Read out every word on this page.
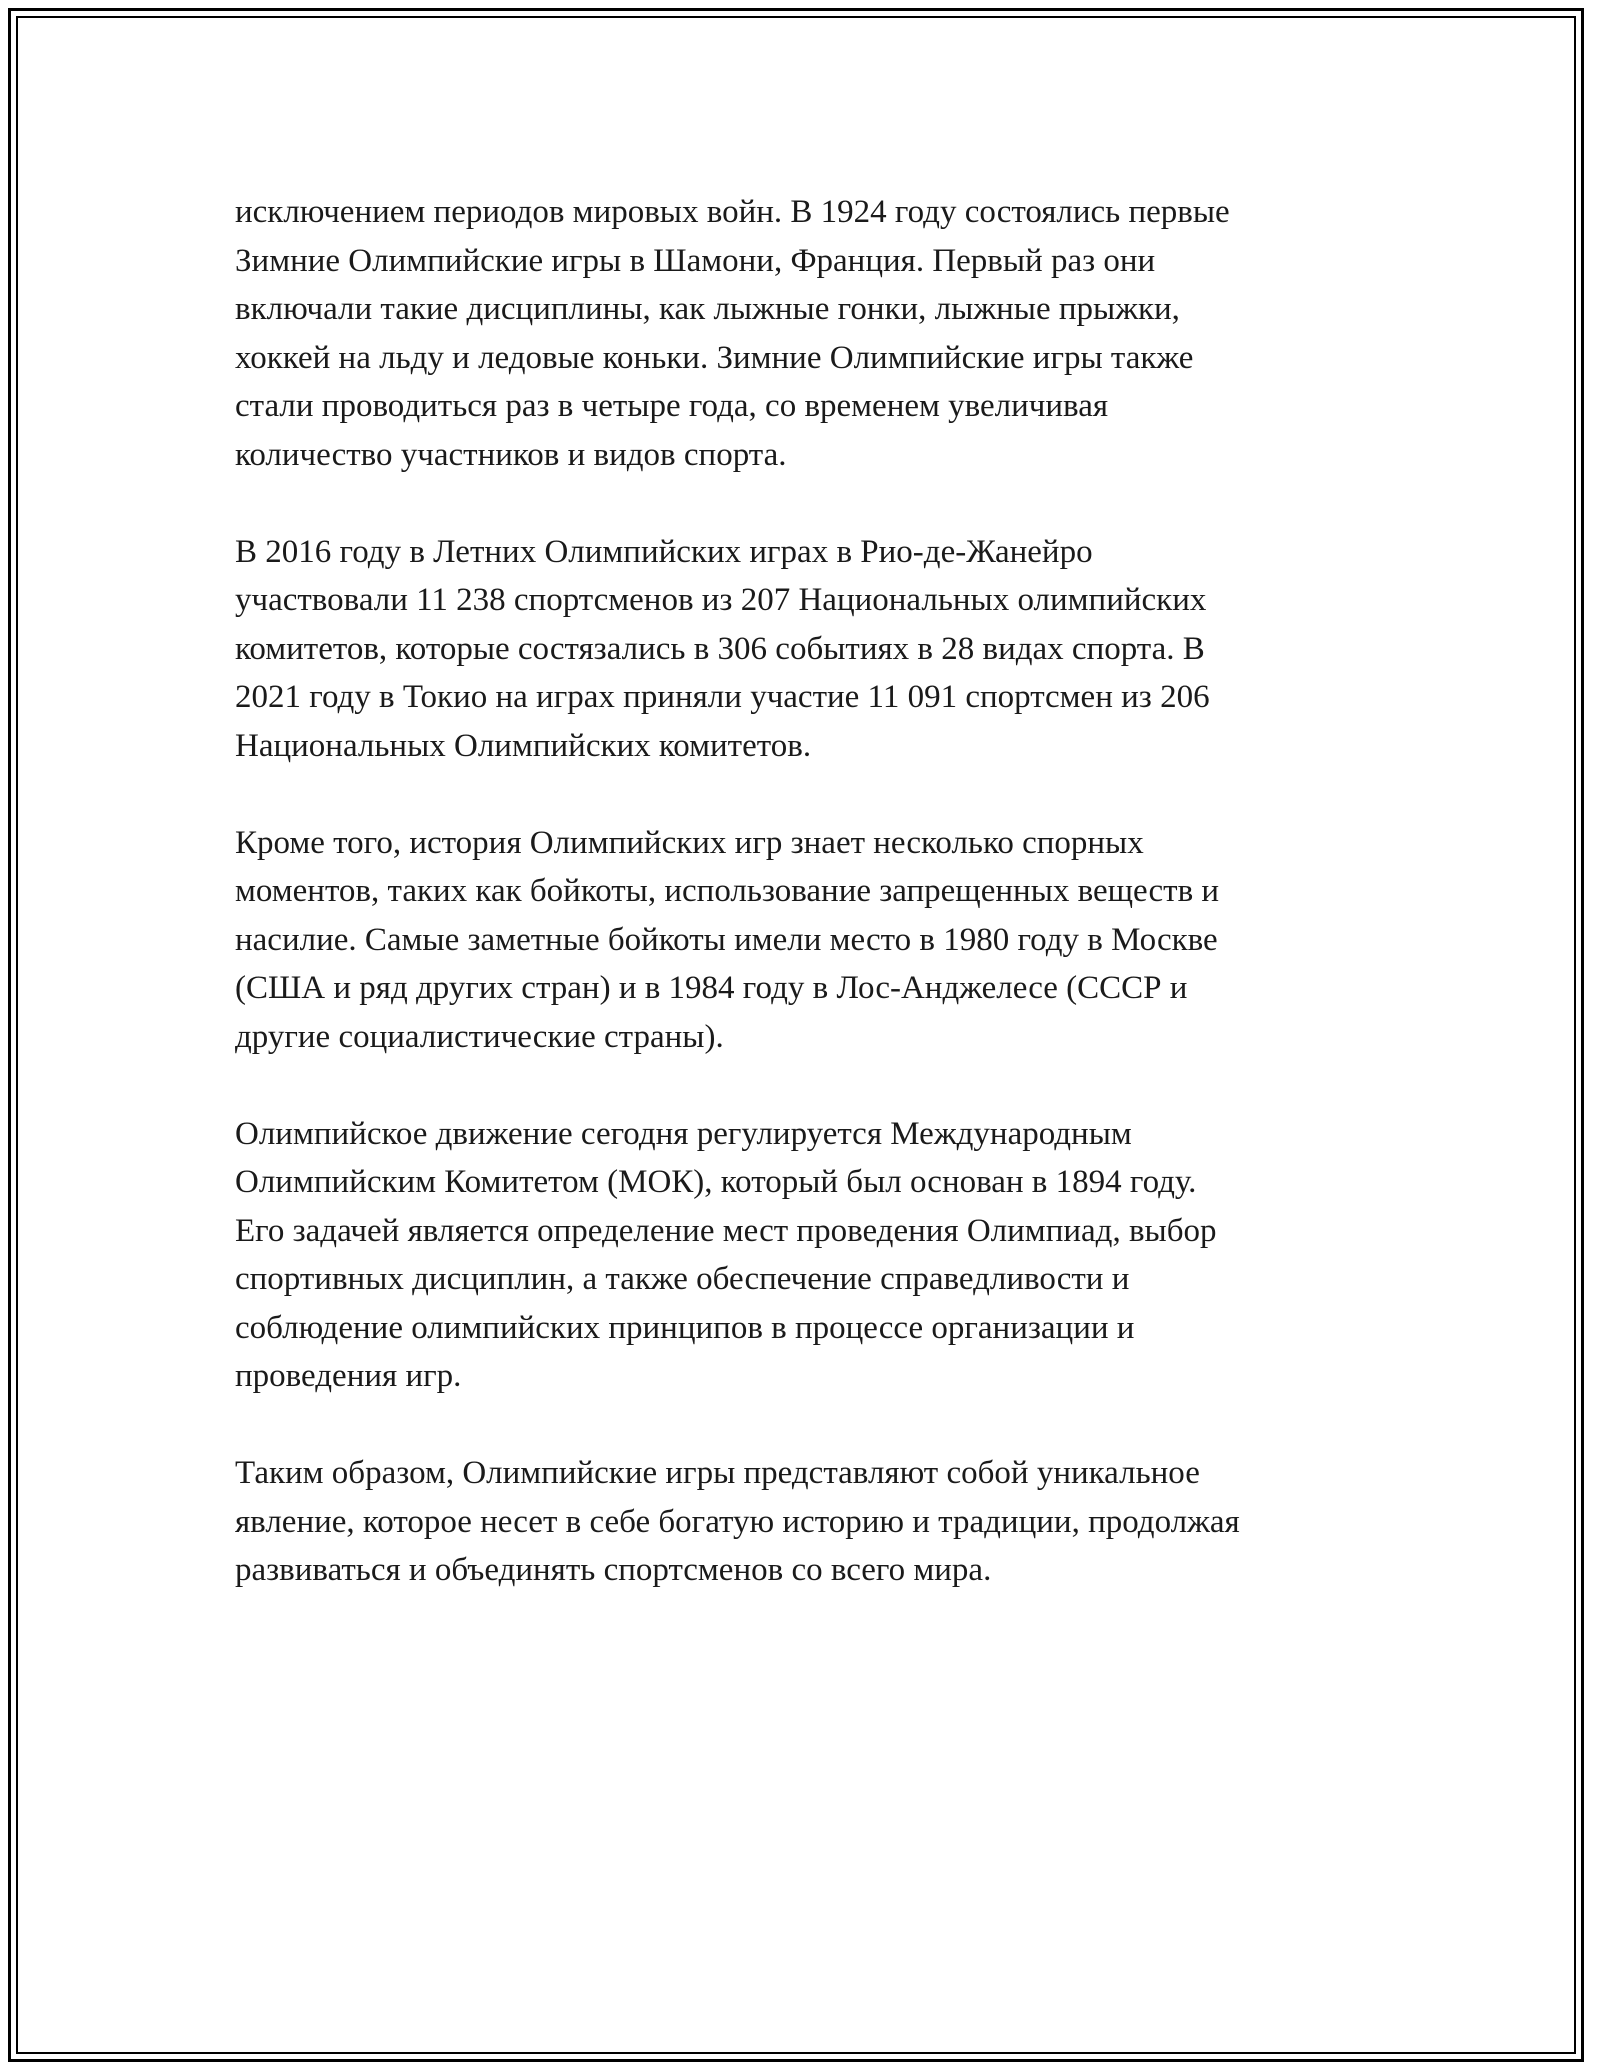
исключением периодов мировых войн. В 1924 году состоялись первые
Зимние Олимпийские игры в Шамони, Франция. Первый раз они
включали такие дисциплины, как лыжные гонки, лыжные прыжки,
хоккей на льду и ледовые коньки. Зимние Олимпийские игры также
стали проводиться раз в четыре года, со временем увеличивая
количество участников и видов спорта.

В 2016 году в Летних Олимпийских играх в Рио-де-Жанейро
участвовали 11 238 спортсменов из 207 Национальных олимпийских
комитетов, которые состязались в 306 событиях в 28 видах спорта. В
2021 году в Токио на играх приняли участие 11 091 спортсмен из 206
Национальных Олимпийских комитетов.

Кроме того, история Олимпийских игр знает несколько спорных
моментов, таких как бойкоты, использование запрещенных веществ и
насилие. Самые заметные бойкоты имели место в 1980 году в Москве
(США и ряд других стран) и в 1984 году в Лос-Анджелесе (СССР и
другие социалистические страны).

Олимпийское движение сегодня регулируется Международным
Олимпийским Комитетом (МОК), который был основан в 1894 году.
Его задачей является определение мест проведения Олимпиад, выбор
спортивных дисциплин, а также обеспечение справедливости и
соблюдение олимпийских принципов в процессе организации и
проведения игр.

Таким образом, Олимпийские игры представляют собой уникальное
явление, которое несет в себе богатую историю и традиции, продолжая
развиваться и объединять спортсменов со всего мира.
